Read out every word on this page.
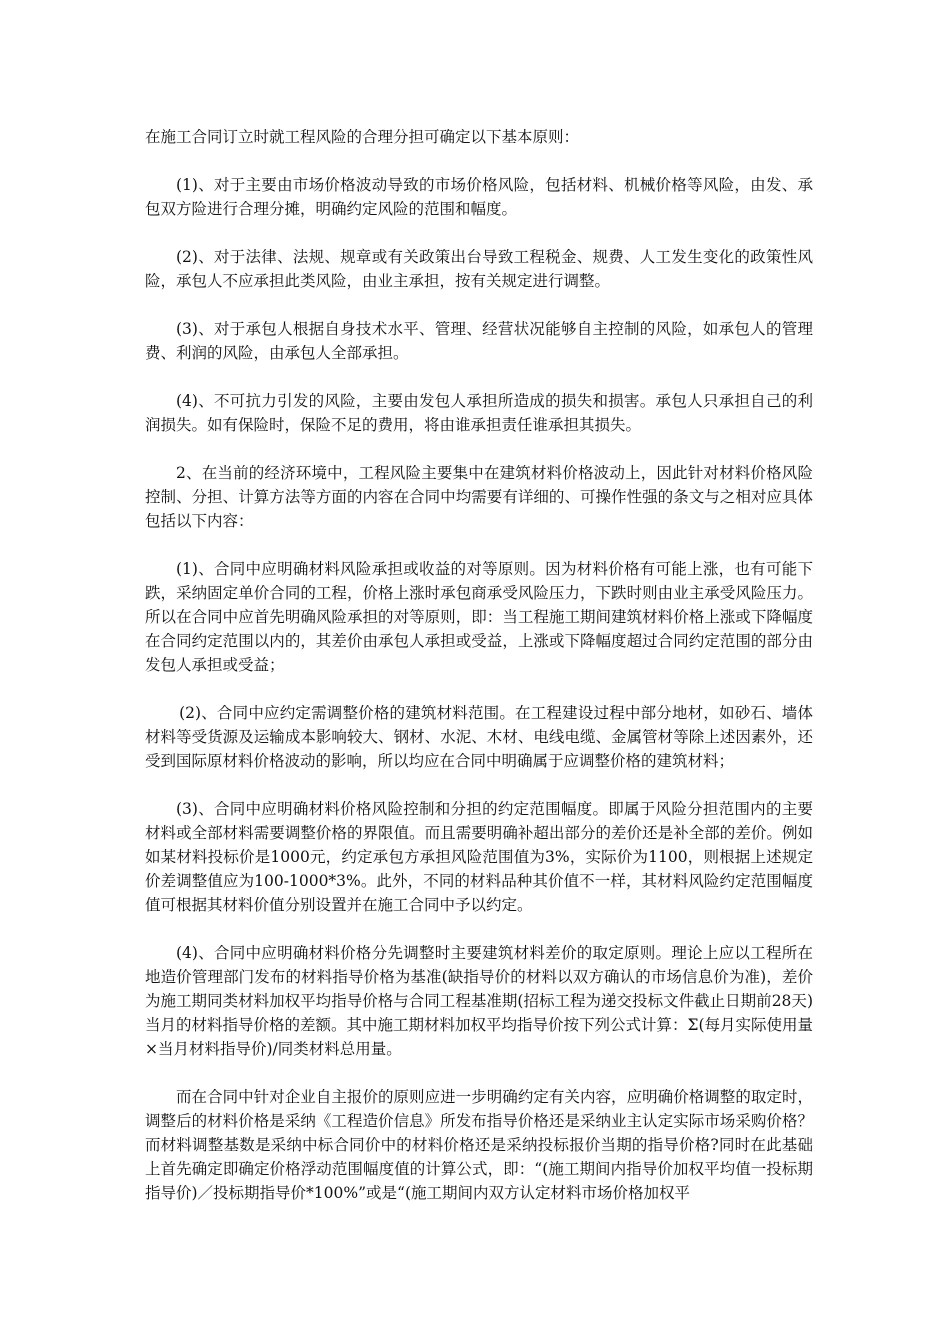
在施工合同订立时就工程风险的合理分担可确定以下基本原则：

(1)、对于主要由市场价格波动导致的市场价格风险，包括材料、机械价格等风险，由发、承包双方险进行合理分摊，明确约定风险的范围和幅度。

(2)、对于法律、法规、规章或有关政策出台导致工程税金、规费、人工发生变化的政策性风险，承包人不应承担此类风险，由业主承担，按有关规定进行调整。

(3)、对于承包人根据自身技术水平、管理、经营状况能够自主控制的风险，如承包人的管理费、利润的风险，由承包人全部承担。

(4)、不可抗力引发的风险，主要由发包人承担所造成的损失和损害。承包人只承担自己的利润损失。如有保险时，保险不足的费用，将由谁承担责任谁承担其损失。

2、在当前的经济环境中，工程风险主要集中在建筑材料价格波动上，因此针对材料价格风险控制、分担、计算方法等方面的内容在合同中均需要有详细的、可操作性强的条文与之相对应具体包括以下内容：

(1)、合同中应明确材料风险承担或收益的对等原则。因为材料价格有可能上涨，也有可能下跌，采纳固定单价合同的工程，价格上涨时承包商承受风险压力，下跌时则由业主承受风险压力。所以在合同中应首先明确风险承担的对等原则，即：当工程施工期间建筑材料价格上涨或下降幅度在合同约定范围以内的，其差价由承包人承担或受益，上涨或下降幅度超过合同约定范围的部分由发包人承担或受益；

(2)、合同中应约定需调整价格的建筑材料范围。在工程建设过程中部分地材，如砂石、墙体材料等受货源及运输成本影响较大、钢材、水泥、木材、电线电缆、金属管材等除上述因素外，还受到国际原材料价格波动的影响，所以均应在合同中明确属于应调整价格的建筑材料；

(3)、合同中应明确材料价格风险控制和分担的约定范围幅度。即属于风险分担范围内的主要材料或全部材料需要调整价格的界限值。而且需要明确补超出部分的差价还是补全部的差价。例如如某材料投标价是1000元，约定承包方承担风险范围值为3%，实际价为1100，则根据上述规定价差调整值应为100-1000*3%。此外，不同的材料品种其价值不一样，其材料风险约定范围幅度值可根据其材料价值分别设置并在施工合同中予以约定。

(4)、合同中应明确材料价格分先调整时主要建筑材料差价的取定原则。理论上应以工程所在地造价管理部门发布的材料指导价格为基准(缺指导价的材料以双方确认的市场信息价为准)，差价为施工期同类材料加权平均指导价格与合同工程基准期(招标工程为递交投标文件截止日期前28天)当月的材料指导价格的差额。其中施工期材料加权平均指导价按下列公式计算：Σ(每月实际使用量×当月材料指导价)/同类材料总用量。

而在合同中针对企业自主报价的原则应进一步明确约定有关内容，应明确价格调整的取定时，调整后的材料价格是采纳《工程造价信息》所发布指导价格还是采纳业主认定实际市场采购价格？而材料调整基数是采纳中标合同价中的材料价格还是采纳投标报价当期的指导价格?同时在此基础上首先确定即确定价格浮动范围幅度值的计算公式，即：“(施工期间内指导价加权平均值一投标期指导价)／投标期指导价*100%”或是“(施工期间内双方认定材料市场价格加权平
